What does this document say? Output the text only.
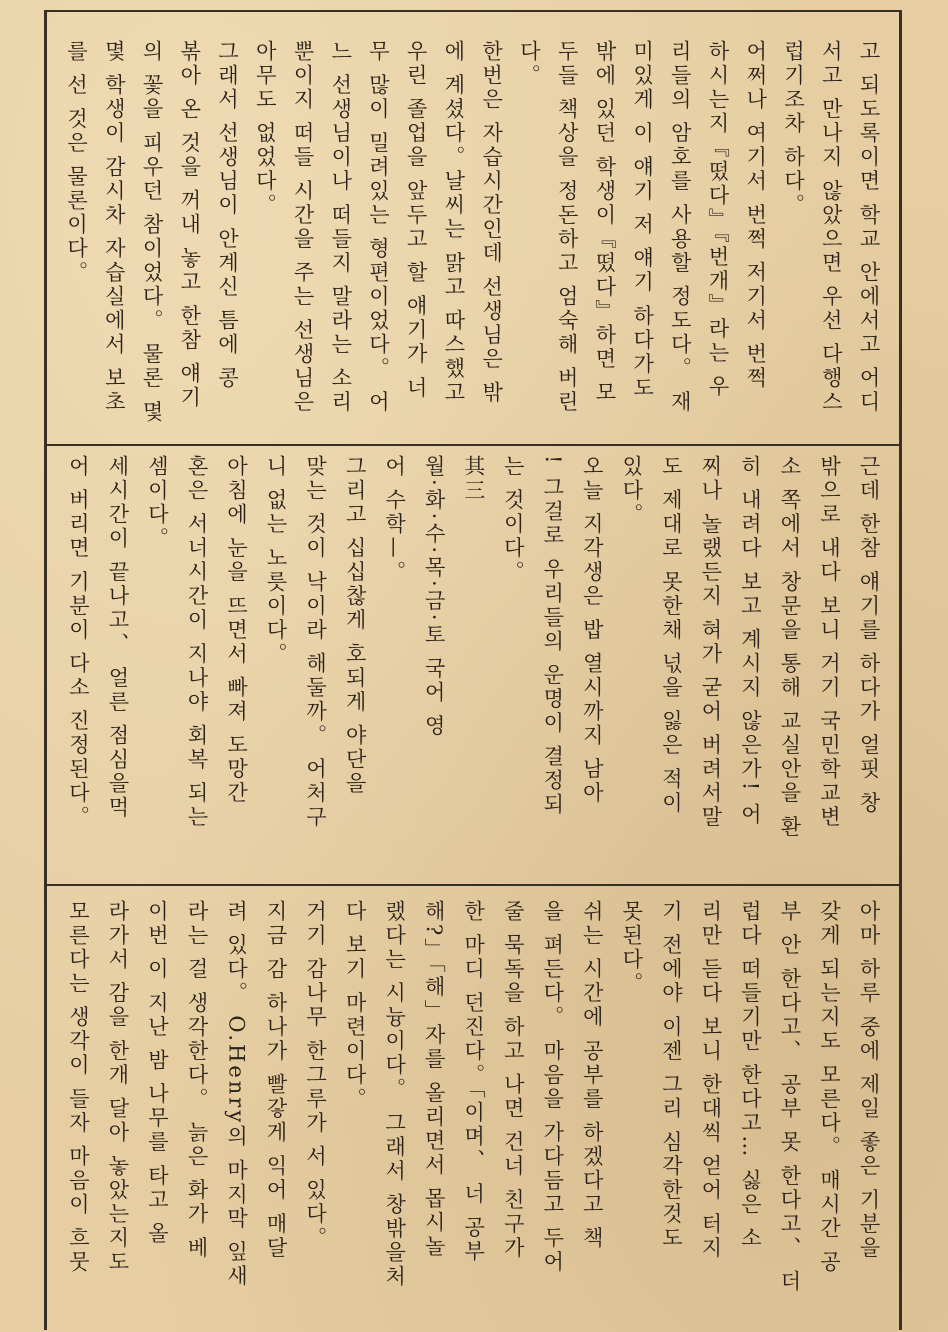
고 되도록이면 학교 안에서고 어디
서고 만나지 않았으면 우선 다행스
럽기조차 하다。
어쩌나 여기서 번쩍 저기서 번쩍
하시는지『떴다』『번개』라는 우
리들의 암호를 사용할 정도다。 재
미있게 이 얘기 저 얘기 하다가도
밖에 있던 학생이『떴다』하면 모
두들 책상을 정돈하고 엄숙해 버린
다。
한번은 자습시간인데 선생님은 밖
에 계셨다。날씨는 맑고 따스했고
우린 졸업을 앞두고 할 얘기가 너
무 많이 밀려있는 형편이었다。 어
느 선생님이나 떠들지 말라는 소리
뿐이지 떠들 시간을 주는 선생님은
아무도 없었다。
그래서 선생님이 안계신 틈에 콩
볶아 온 것을 꺼내 놓고 한참 얘기
의 꽃을 피우던 참이었다。 물론 몇
몇 학생이 감시차 자습실에서 보초
를 선 것은 물론이다。
근데 한참 얘기를 하다가 얼핏 창
밖으로 내다 보니 거기 국민학교변
소 쪽에서 창문을 통해 교실안을 환
히 내려다 보고 계시지 않은가! 어
찌나 놀랬든지 혀가 굳어 버려서말
도 제대로 못한채 넋을 잃은 적이
있다。
오늘 지각생은 밥 열시까지 남아
! 그걸로 우리들의 운명이 결정되
는 것이다。
其三
월·화·수·목·금·토 국어 영
어 수학—。
그리고 십십찮게 호되게 야단을
맞는 것이 낙이라 해둘까。 어처구
니 없는 노릇이다。
아침에 눈을 뜨면서 빠져 도망간
혼은 서너시간이 지나야 회복 되는
셈이다。
세시간이 끝나고、 얼른 점심을먹
어 버리면 기분이 다소 진정된다。
아마 하루 중에 제일 좋은 기분을
갖게 되는지도 모른다。 매시간 공
부 안 한다고、 공부 못 한다고、 더
럽다 떠들기만 한다고… 싫은 소
리만 듣다 보니 한대씩 얻어 터지
기 전에야 이젠 그리 심각한것도
못된다。
쉬는 시간에 공부를 하겠다고 책
을 펴든다。 마음을 가다듬고 두어
줄 묵독을 하고 나면 건너 친구가
한 마디 던진다。「이며、 너 공부
해?」「해」자를 올리면서 몹시놀
랬다는 시늉이다。 그래서 창밖을처
다 보기 마련이다。
거기 감나무 한그루가 서 있다。
지금 감 하나가 빨갛게 익어 매달
려 있다。 O.Henry의 마지막 잎새
라는 걸 생각한다。 늙은 화가 베
이번 이 지난 밤 나무를 타고 올
라가서 감을 한개 달아 놓았는지도
모른다는 생각이 들자 마음이 흐뭇
